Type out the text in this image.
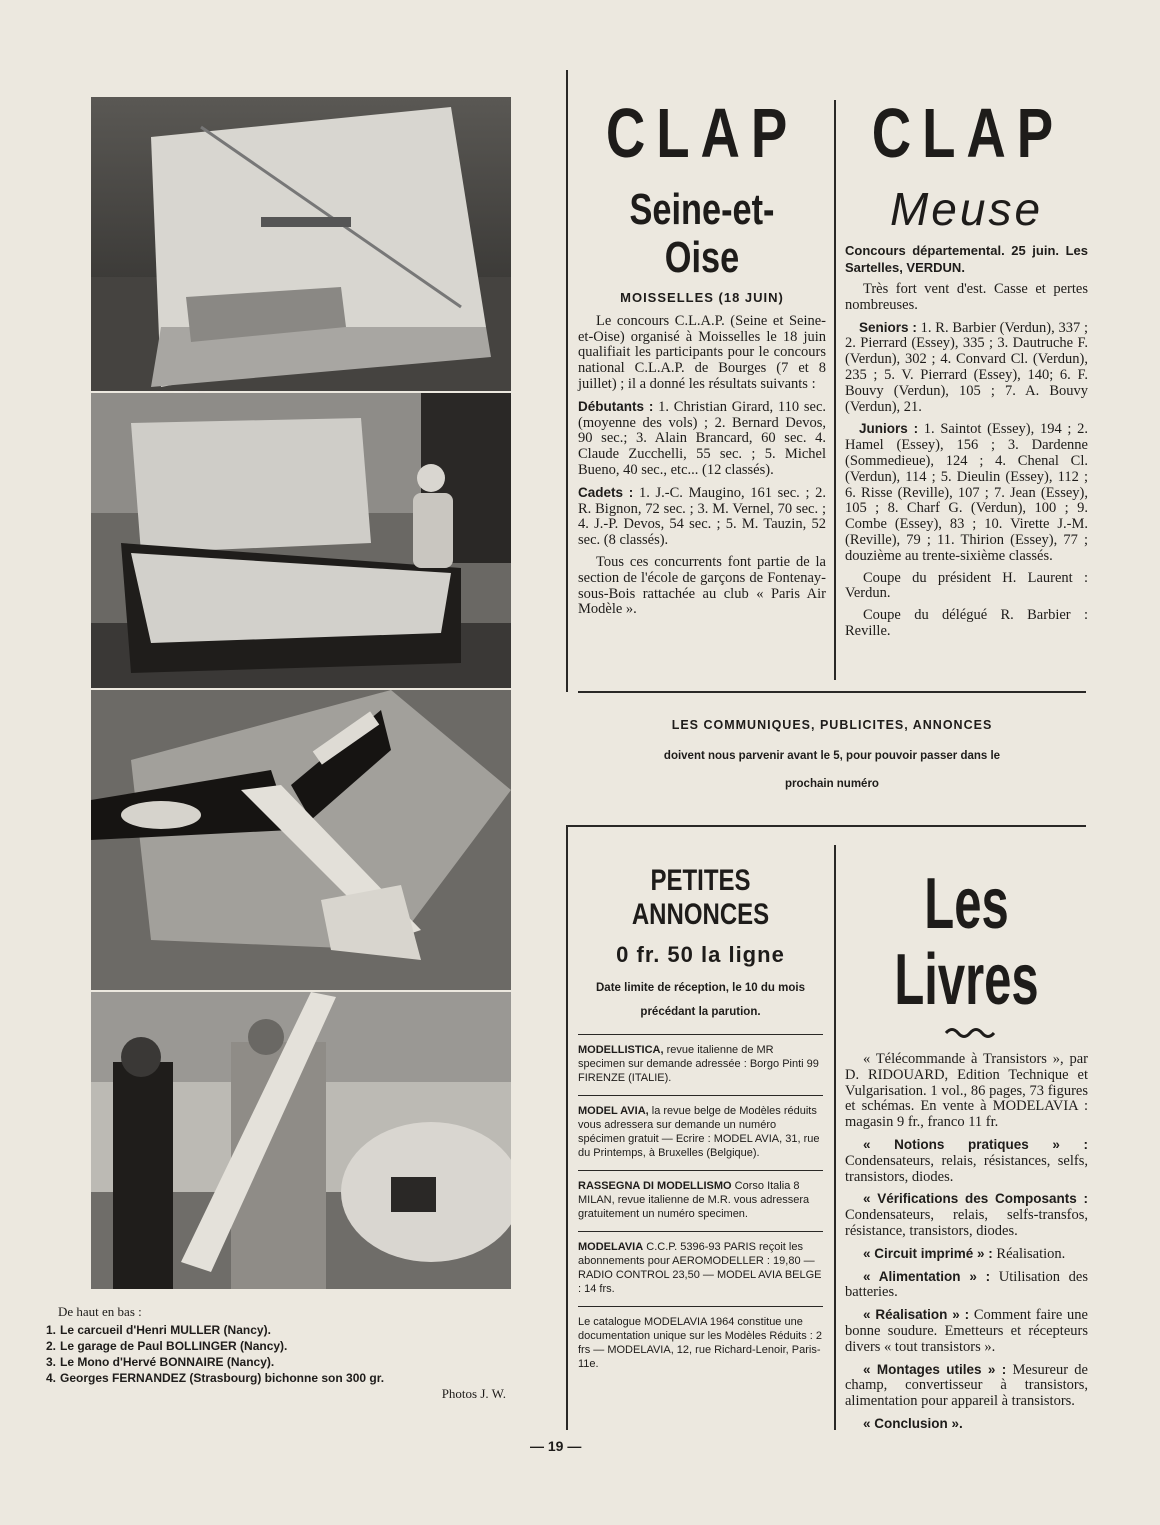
De haut en bas :
1. Le carcueil d'Henri MULLER (Nancy).
2. Le garage de Paul BOLLINGER (Nancy).
3. Le Mono d'Hervé BONNAIRE (Nancy).
4. Georges FERNANDEZ (Strasbourg) bichonne son 300 gr.
Photos J. W.
CLAP
Seine-et-Oise

MOISSELLES (18 JUIN)

Le concours C.L.A.P. (Seine et Seine-et-Oise) organisé à Moisselles le 18 juin qualifiait les participants pour le concours national C.L.A.P. de Bourges (7 et 8 juillet) ; il a donné les résultats suivants :

Débutants : 1. Christian Girard, 110 sec. (moyenne des vols) ; 2. Bernard Devos, 90 sec.; 3. Alain Brancard, 60 sec. 4. Claude Zucchelli, 55 sec. ; 5. Michel Bueno, 40 sec., etc... (12 classés).

Cadets : 1. J.-C. Maugino, 161 sec. ; 2. R. Bignon, 72 sec. ; 3. M. Vernel, 70 sec. ; 4. J.-P. Devos, 54 sec. ; 5. M. Tauzin, 52 sec. (8 classés).

Tous ces concurrents font partie de la section de l'école de garçons de Fontenay-sous-Bois rattachée au club « Paris Air Modèle ».

CLAP
Meuse

Concours départemental. 25 juin. Les Sartelles, VERDUN.

Très fort vent d'est. Casse et pertes nombreuses.

Seniors : 1. R. Barbier (Verdun), 337 ; 2. Pierrard (Essey), 335 ; 3. Dautruche F. (Verdun), 302 ; 4. Convard Cl. (Verdun), 235 ; 5. V. Pierrard (Essey), 140; 6. F. Bouvy (Verdun), 105 ; 7. A. Bouvy (Verdun), 21.

Juniors : 1. Saintot (Essey), 194 ; 2. Hamel (Essey), 156 ; 3. Dardenne (Sommedieue), 124 ; 4. Chenal Cl. (Verdun), 114 ; 5. Dieulin (Essey), 112 ; 6. Risse (Reville), 107 ; 7. Jean (Essey), 105 ; 8. Charf G. (Verdun), 100 ; 9. Combe (Essey), 83 ; 10. Virette J.-M. (Reville), 79 ; 11. Thirion (Essey), 77 ; douzième au trente-sixième classés.

Coupe du président H. Laurent : Verdun.

Coupe du délégué R. Barbier : Reville.

LES COMMUNIQUES, PUBLICITES, ANNONCES
doivent nous parvenir avant le 5, pour pouvoir passer dans le
prochain numéro
PETITES ANNONCES
0 fr. 50 la ligne
Date limite de réception, le 10 du mois précédant la parution.
MODELLISTICA, revue italienne de MR specimen sur demande adressée : Borgo Pinti 99 FIRENZE (ITALIE).
MODEL AVIA, la revue belge de Modèles réduits vous adressera sur demande un numéro spécimen gratuit — Ecrire : MODEL AVIA, 31, rue du Printemps, à Bruxelles (Belgique).
RASSEGNA DI MODELLISMO Corso Italia 8 MILAN, revue italienne de M.R. vous adressera gratuitement un numéro specimen.
MODELAVIA C.C.P. 5396-93 PARIS reçoit les abonnements pour AEROMODELLER : 19,80 — RADIO CONTROL 23,50 — MODEL AVIA BELGE : 14 frs.
Le catalogue MODELAVIA 1964 constitue une documentation unique sur les Modèles Réduits : 2 frs — MODELAVIA, 12, rue Richard-Lenoir, Paris-11e.
Les Livres

« Télécommande à Transistors », par D. RIDOUARD, Edition Technique et Vulgarisation. 1 vol., 86 pages, 73 figures et schémas. En vente à MODELAVIA : magasin 9 fr., franco 11 fr.

« Notions pratiques » : Condensateurs, relais, résistances, selfs, transistors, diodes.

« Vérifications des Composants : Condensateurs, relais, selfs-transfos, résistance, transistors, diodes.

« Circuit imprimé » : Réalisation.

« Alimentation » : Utilisation des batteries.

« Réalisation » : Comment faire une bonne soudure. Emetteurs et récepteurs divers « tout transistors ».

« Montages utiles » : Mesureur de champ, convertisseur à transistors, alimentation pour appareil à transistors.

« Conclusion ».

— 19 —
